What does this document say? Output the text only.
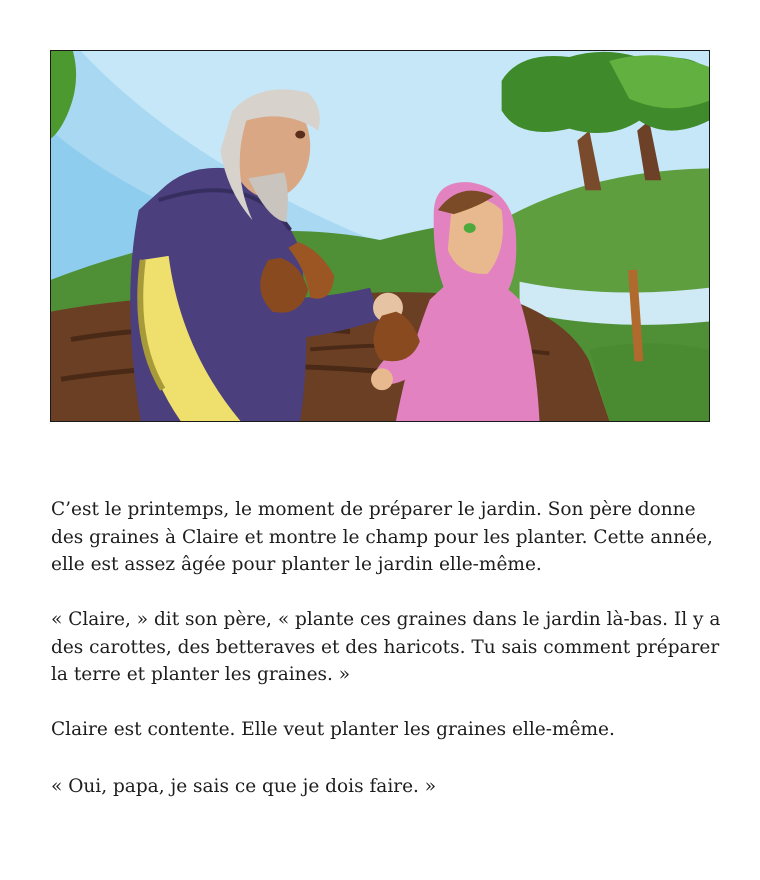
C’est le printemps, le moment de préparer le jardin. Son père donne des graines à Claire et montre le champ pour les planter. Cette année, elle est assez âgée pour planter le jardin elle-même.

« Claire, » dit son père, « plante ces graines dans le jardin là-bas. Il y a des carottes, des betteraves et des haricots. Tu sais comment préparer la terre et planter les graines. »

Claire est contente. Elle veut planter les graines elle-même.

« Oui, papa, je sais ce que je dois faire. »
